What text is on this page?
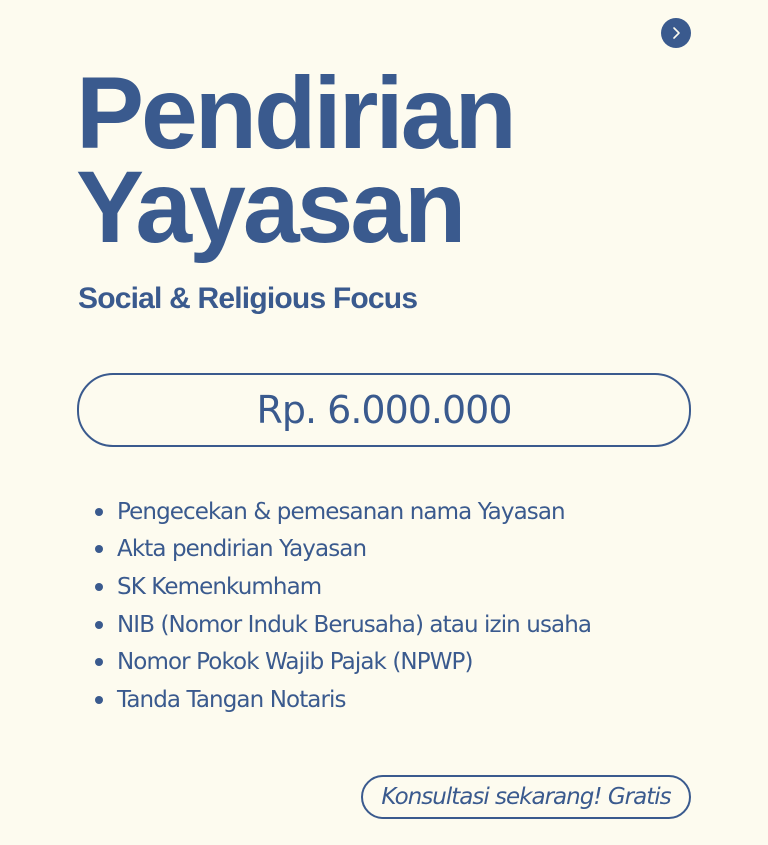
Pendirian
Yayasan
Social & Religious Focus
Rp. 6.000.000
Pengecekan & pemesanan nama Yayasan
Akta pendirian Yayasan
SK Kemenkumham
NIB (Nomor Induk Berusaha) atau izin usaha
Nomor Pokok Wajib Pajak (NPWP)
Tanda Tangan Notaris
Konsultasi sekarang! Gratis
